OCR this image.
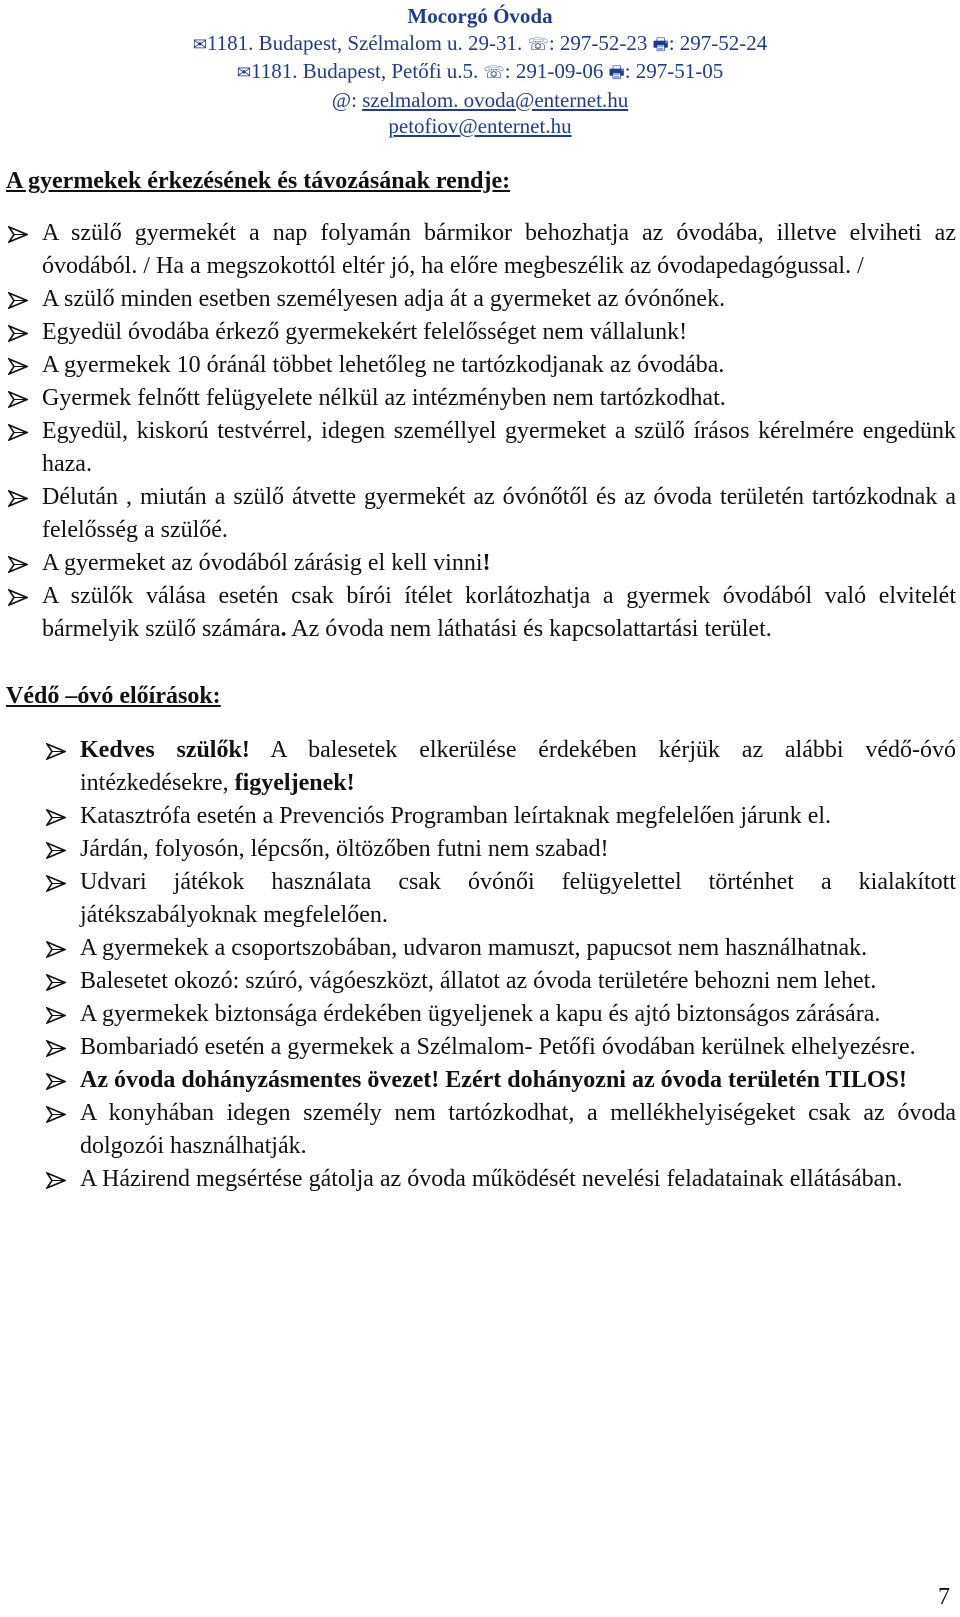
Mocorgó Óvoda
✉1181. Budapest, Szélmalom u. 29-31. ☏: 297-52-23 🖶: 297-52-24
✉1181. Budapest, Petőfi u.5. ☏: 291-09-06 🖶: 297-51-05
@: szelmalom. ovoda@enternet.hu
petofiov@enternet.hu
A gyermekek érkezésének és távozásának rendje:
A szülő gyermekét a nap folyamán bármikor behozhatja az óvodába, illetve elviheti az óvodából. / Ha a megszokottól eltér jó, ha előre megbeszélik az óvodapedagógussal. /
A szülő minden esetben személyesen adja át a gyermeket az óvónőnek.
Egyedül óvodába érkező gyermekekért felelősséget nem vállalunk!
A gyermekek 10 óránál többet lehetőleg ne tartózkodjanak az óvodába.
Gyermek felnőtt felügyelete nélkül az intézményben nem tartózkodhat.
Egyedül, kiskorú testvérrel, idegen személlyel gyermeket a szülő írásos kérelmére engedünk haza.
Délután , miután a szülő átvette gyermekét az óvónőtől és az óvoda területén tartózkodnak a felelősség a szülőé.
A gyermeket az óvodából zárásig el kell vinni!
A szülők válása esetén csak bírói ítélet korlátozhatja a gyermek óvodából való elvitelét bármelyik szülő számára. Az óvoda nem láthatási és kapcsolattartási terület.
Védő –óvó előírások:
Kedves szülők! A balesetek elkerülése érdekében kérjük az alábbi védő-óvó intézkedésekre, figyeljenek!
Katasztrófa esetén a Prevenciós Programban leírtaknak megfelelően járunk el.
Járdán, folyosón, lépcsőn, öltözőben futni nem szabad!
Udvari játékok használata csak óvónői felügyelettel történhet a kialakított játékszabályoknak megfelelően.
A gyermekek a csoportszobában, udvaron mamuszt, papucsot nem használhatnak.
Balesetet okozó: szúró, vágóeszközt, állatot az óvoda területére behozni nem lehet.
A gyermekek biztonsága érdekében ügyeljenek a kapu és ajtó biztonságos zárására.
Bombariadó esetén a gyermekek a Szélmalom- Petőfi óvodában kerülnek elhelyezésre.
Az óvoda dohányzásmentes övezet! Ezért dohányozni az óvoda területén TILOS!
A konyhában idegen személy nem tartózkodhat, a mellékhelyiségeket csak az óvoda dolgozói használhatják.
A Házirend megsértése gátolja az óvoda működését nevelési feladatainak ellátásában.
7
